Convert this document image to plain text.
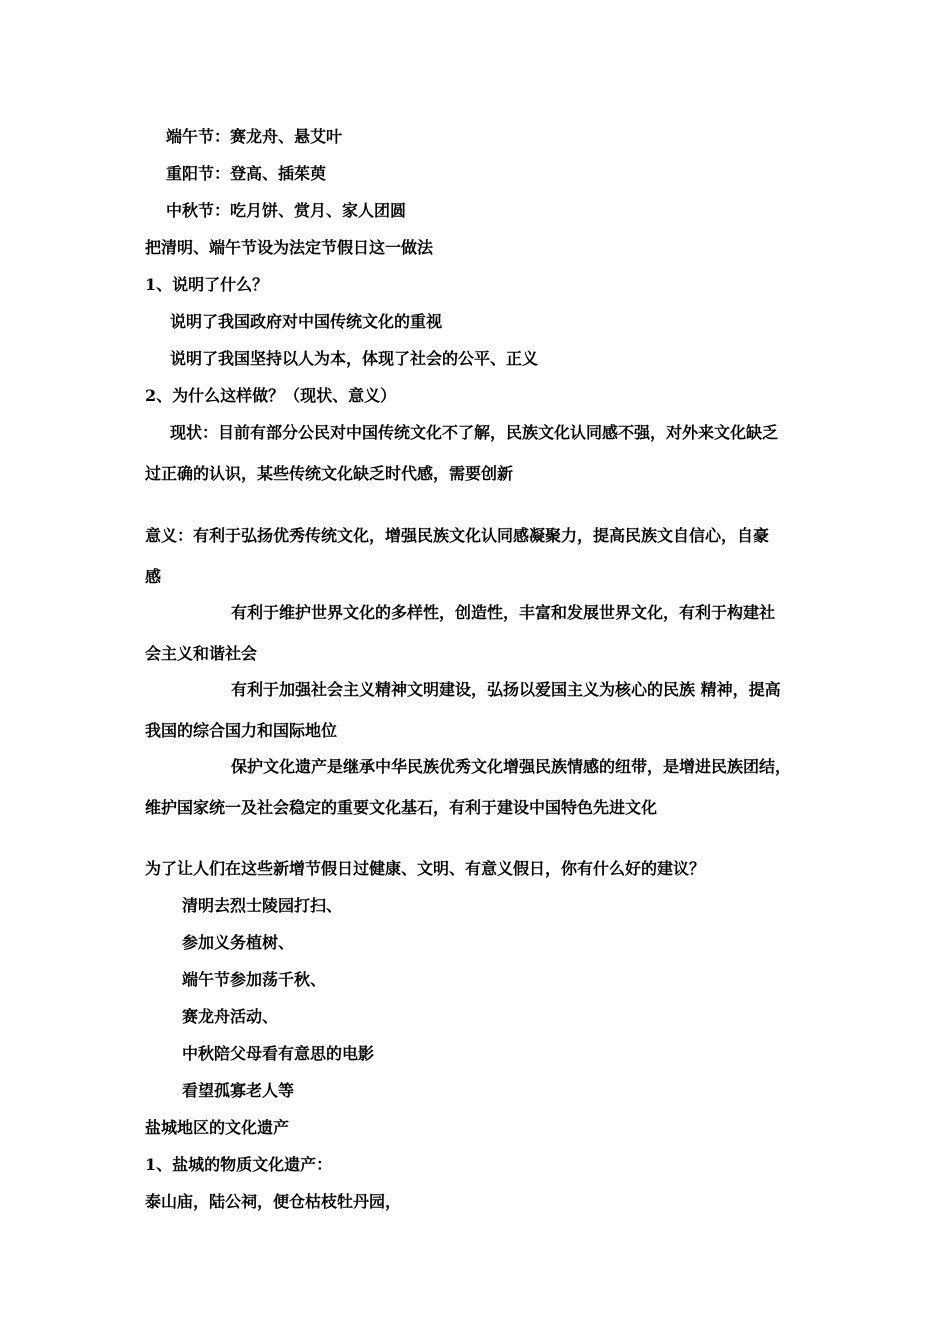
端午节：赛龙舟、悬艾叶
重阳节：登高、插茱萸
中秋节：吃月饼、赏月、家人团圆
把清明、端午节设为法定节假日这一做法
1、说明了什么？
说明了我国政府对中国传统文化的重视
说明了我国坚持以人为本，体现了社会的公平、正义
2、为什么这样做？（现状、意义）
现状：目前有部分公民对中国传统文化不了解，民族文化认同感不强，对外来文化缺乏
过正确的认识，某些传统文化缺乏时代感，需要创新
意义：有利于弘扬优秀传统文化，增强民族文化认同感凝聚力，提高民族文自信心，自豪
感
有利于维护世界文化的多样性，创造性，丰富和发展世界文化，有利于构建社
会主义和谐社会
有利于加强社会主义精神文明建设，弘扬以爱国主义为核心的民族 精神，提高
我国的综合国力和国际地位
保护文化遗产是继承中华民族优秀文化增强民族情感的纽带，是增进民族团结，
维护国家统一及社会稳定的重要文化基石，有利于建设中国特色先进文化
为了让人们在这些新增节假日过健康、文明、有意义假日，你有什么好的建议？
清明去烈士陵园打扫、
参加义务植树、
端午节参加荡千秋、
赛龙舟活动、
中秋陪父母看有意思的电影
看望孤寡老人等
盐城地区的文化遗产
1、盐城的物质文化遗产：
泰山庙，陆公祠，便仓枯枝牡丹园，
